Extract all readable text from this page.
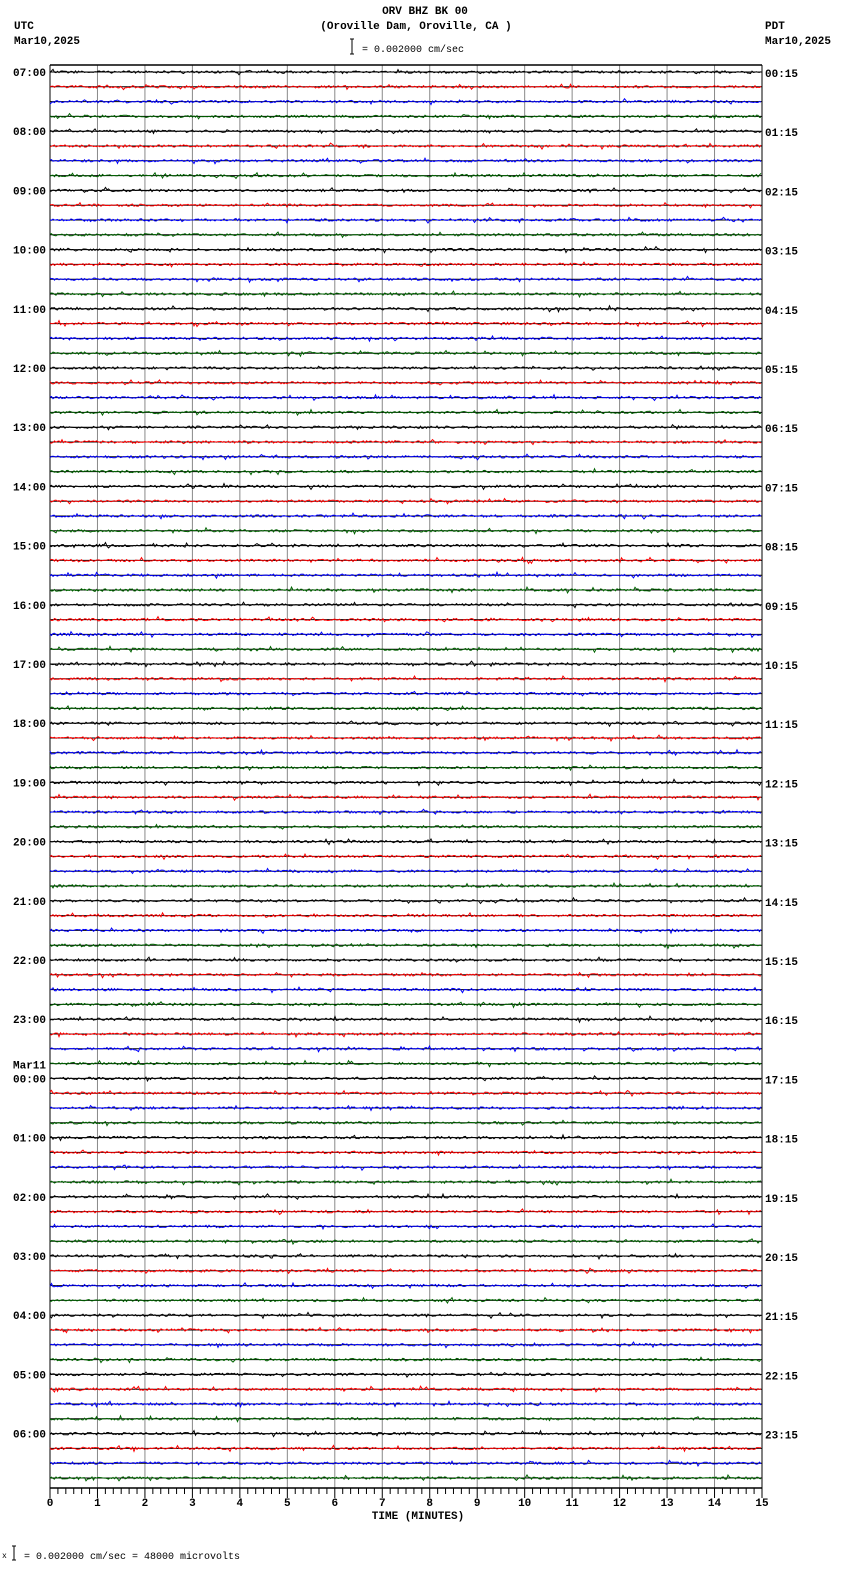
ORV BHZ BK 00
(Oroville Dam, Oroville, CA )
UTC
Mar10,2025
PDT
Mar10,2025
= 0.002000 cm/sec
07:00
08:00
09:00
10:00
11:00
12:00
13:00
14:00
15:00
16:00
17:00
18:00
19:00
20:00
21:00
22:00
23:00
00:00
Mar11
01:00
02:00
03:00
04:00
05:00
06:00
00:15
01:15
02:15
03:15
04:15
05:15
06:15
07:15
08:15
09:15
10:15
11:15
12:15
13:15
14:15
15:15
16:15
17:15
18:15
19:15
20:15
21:15
22:15
23:15
0	1	2	3	4	5	6	7	8	9	10	11	12	13	14	15
TIME (MINUTES)
x = 0.002000 cm/sec = 48000 microvolts
